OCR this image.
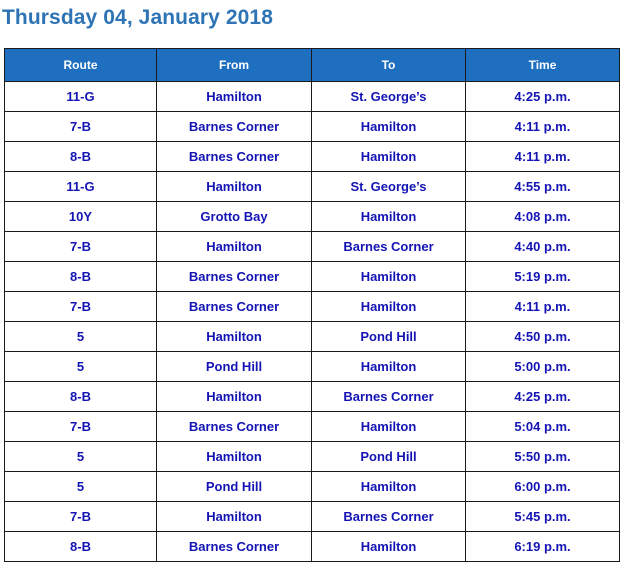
Thursday 04, January 2018
Route	From	To	Time
11-G	Hamilton	St. George’s	4:25 p.m.
7-B	Barnes Corner	Hamilton	4:11 p.m.
8-B	Barnes Corner	Hamilton	4:11 p.m.
11-G	Hamilton	St. George’s	4:55 p.m.
10Y	Grotto Bay	Hamilton	4:08 p.m.
7-B	Hamilton	Barnes Corner	4:40 p.m.
8-B	Barnes Corner	Hamilton	5:19 p.m.
7-B	Barnes Corner	Hamilton	4:11 p.m.
5	Hamilton	Pond Hill	4:50 p.m.
5	Pond Hill	Hamilton	5:00 p.m.
8-B	Hamilton	Barnes Corner	4:25 p.m.
7-B	Barnes Corner	Hamilton	5:04 p.m.
5	Hamilton	Pond Hill	5:50 p.m.
5	Pond Hill	Hamilton	6:00 p.m.
7-B	Hamilton	Barnes Corner	5:45 p.m.
8-B	Barnes Corner	Hamilton	6:19 p.m.
